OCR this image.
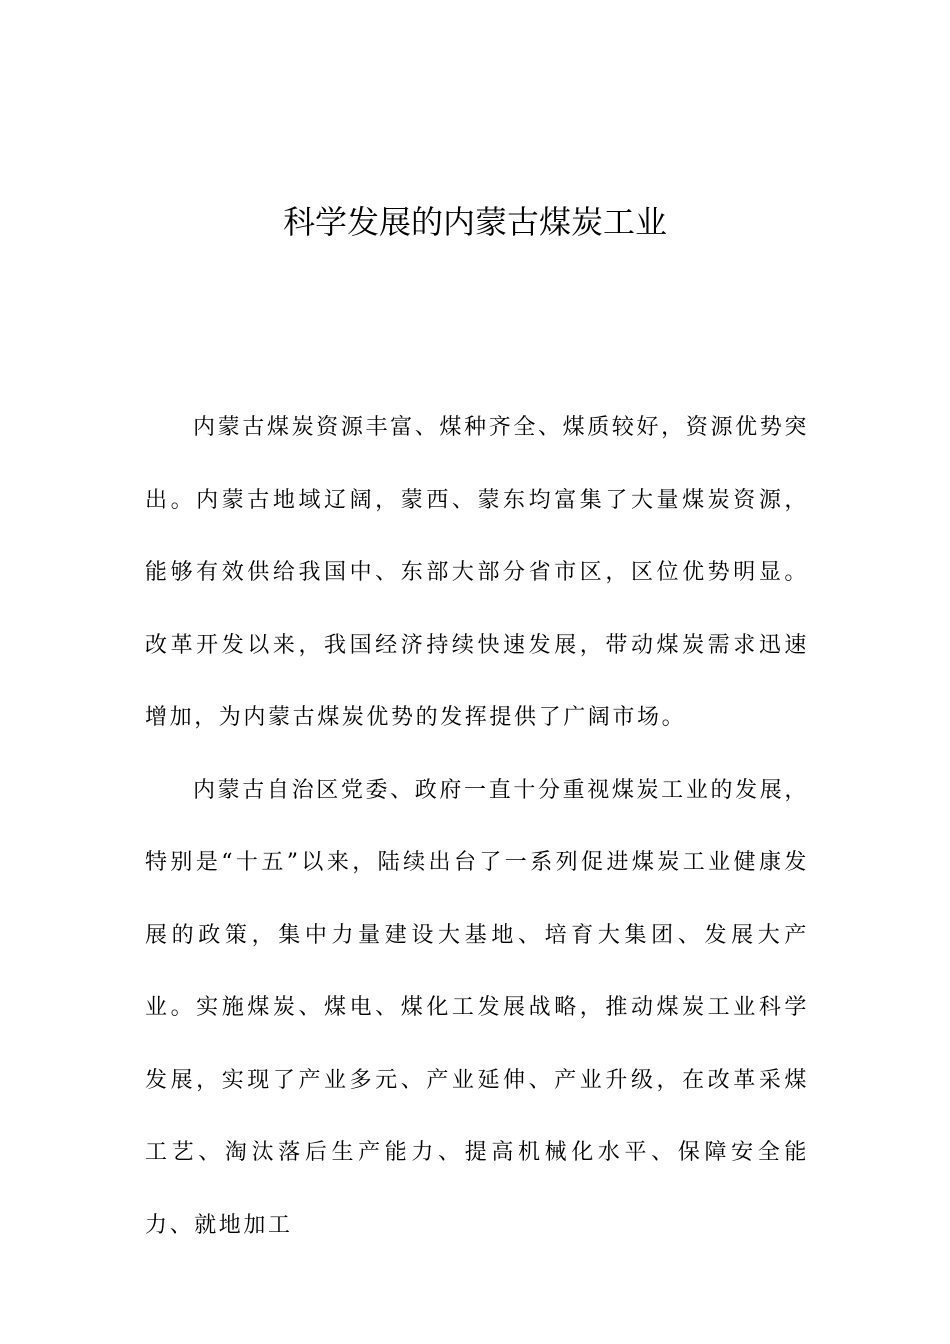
科学发展的内蒙古煤炭工业

内蒙古煤炭资源丰富、煤种齐全、煤质较好，资源优势突出。内蒙古地域辽阔，蒙西、蒙东均富集了大量煤炭资源，能够有效供给我国中、东部大部分省市区，区位优势明显。改革开发以来，我国经济持续快速发展，带动煤炭需求迅速增加，为内蒙古煤炭优势的发挥提供了广阔市场。

内蒙古自治区党委、政府一直十分重视煤炭工业的发展，特别是“十五”以来，陆续出台了一系列促进煤炭工业健康发展的政策，集中力量建设大基地、培育大集团、发展大产业。实施煤炭、煤电、煤化工发展战略，推动煤炭工业科学发展，实现了产业多元、产业延伸、产业升级，在改革采煤工艺、淘汰落后生产能力、提高机械化水平、保障安全能力、就地加工
